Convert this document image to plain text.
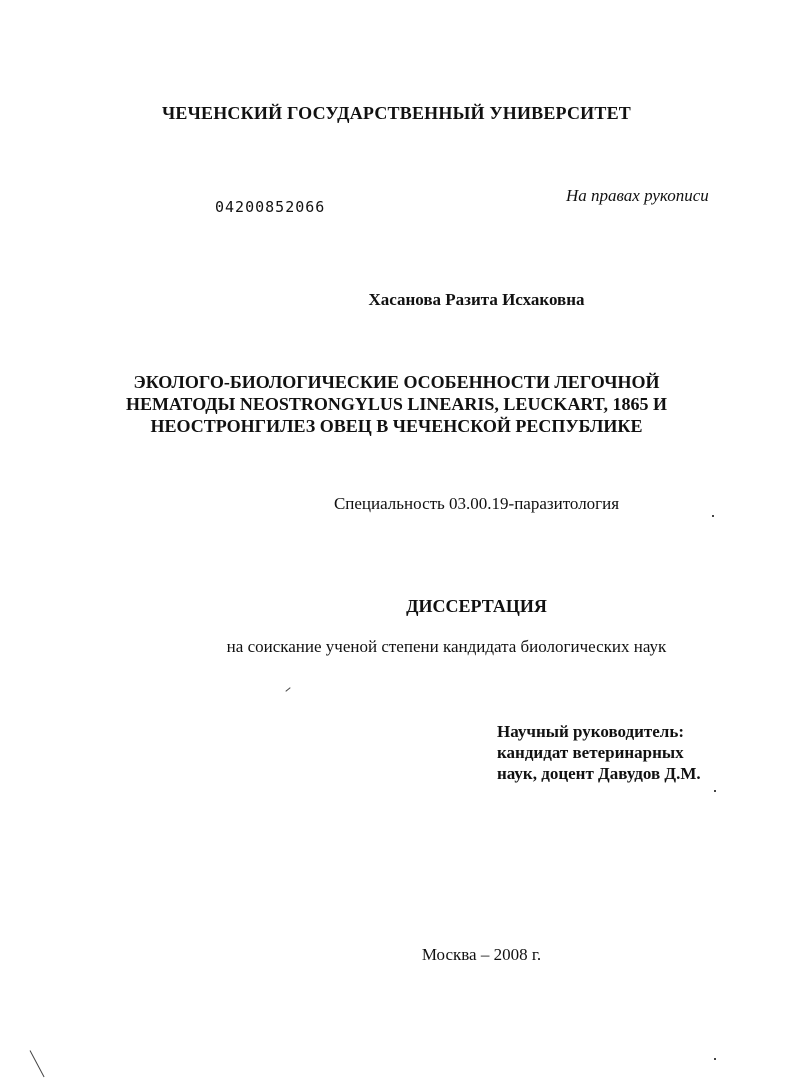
ЧЕЧЕНСКИЙ ГОСУДАРСТВЕННЫЙ УНИВЕРСИТЕТ
04200852066
На правах рукописи
Хасанова Разита Исхаковна
ЭКОЛОГО-БИОЛОГИЧЕСКИЕ ОСОБЕННОСТИ ЛЕГОЧНОЙ
НЕМАТОДЫ NEOSTRONGYLUS LINEARIS, LEUCKART, 1865 И
НЕОСТРОНГИЛЕЗ ОВЕЦ В ЧЕЧЕНСКОЙ РЕСПУБЛИКЕ
Специальность 03.00.19-паразитология
ДИССЕРТАЦИЯ
на соискание ученой степени кандидата биологических наук
Научный руководитель:
кандидат ветеринарных
наук, доцент Давудов Д.М.
Москва – 2008 г.
